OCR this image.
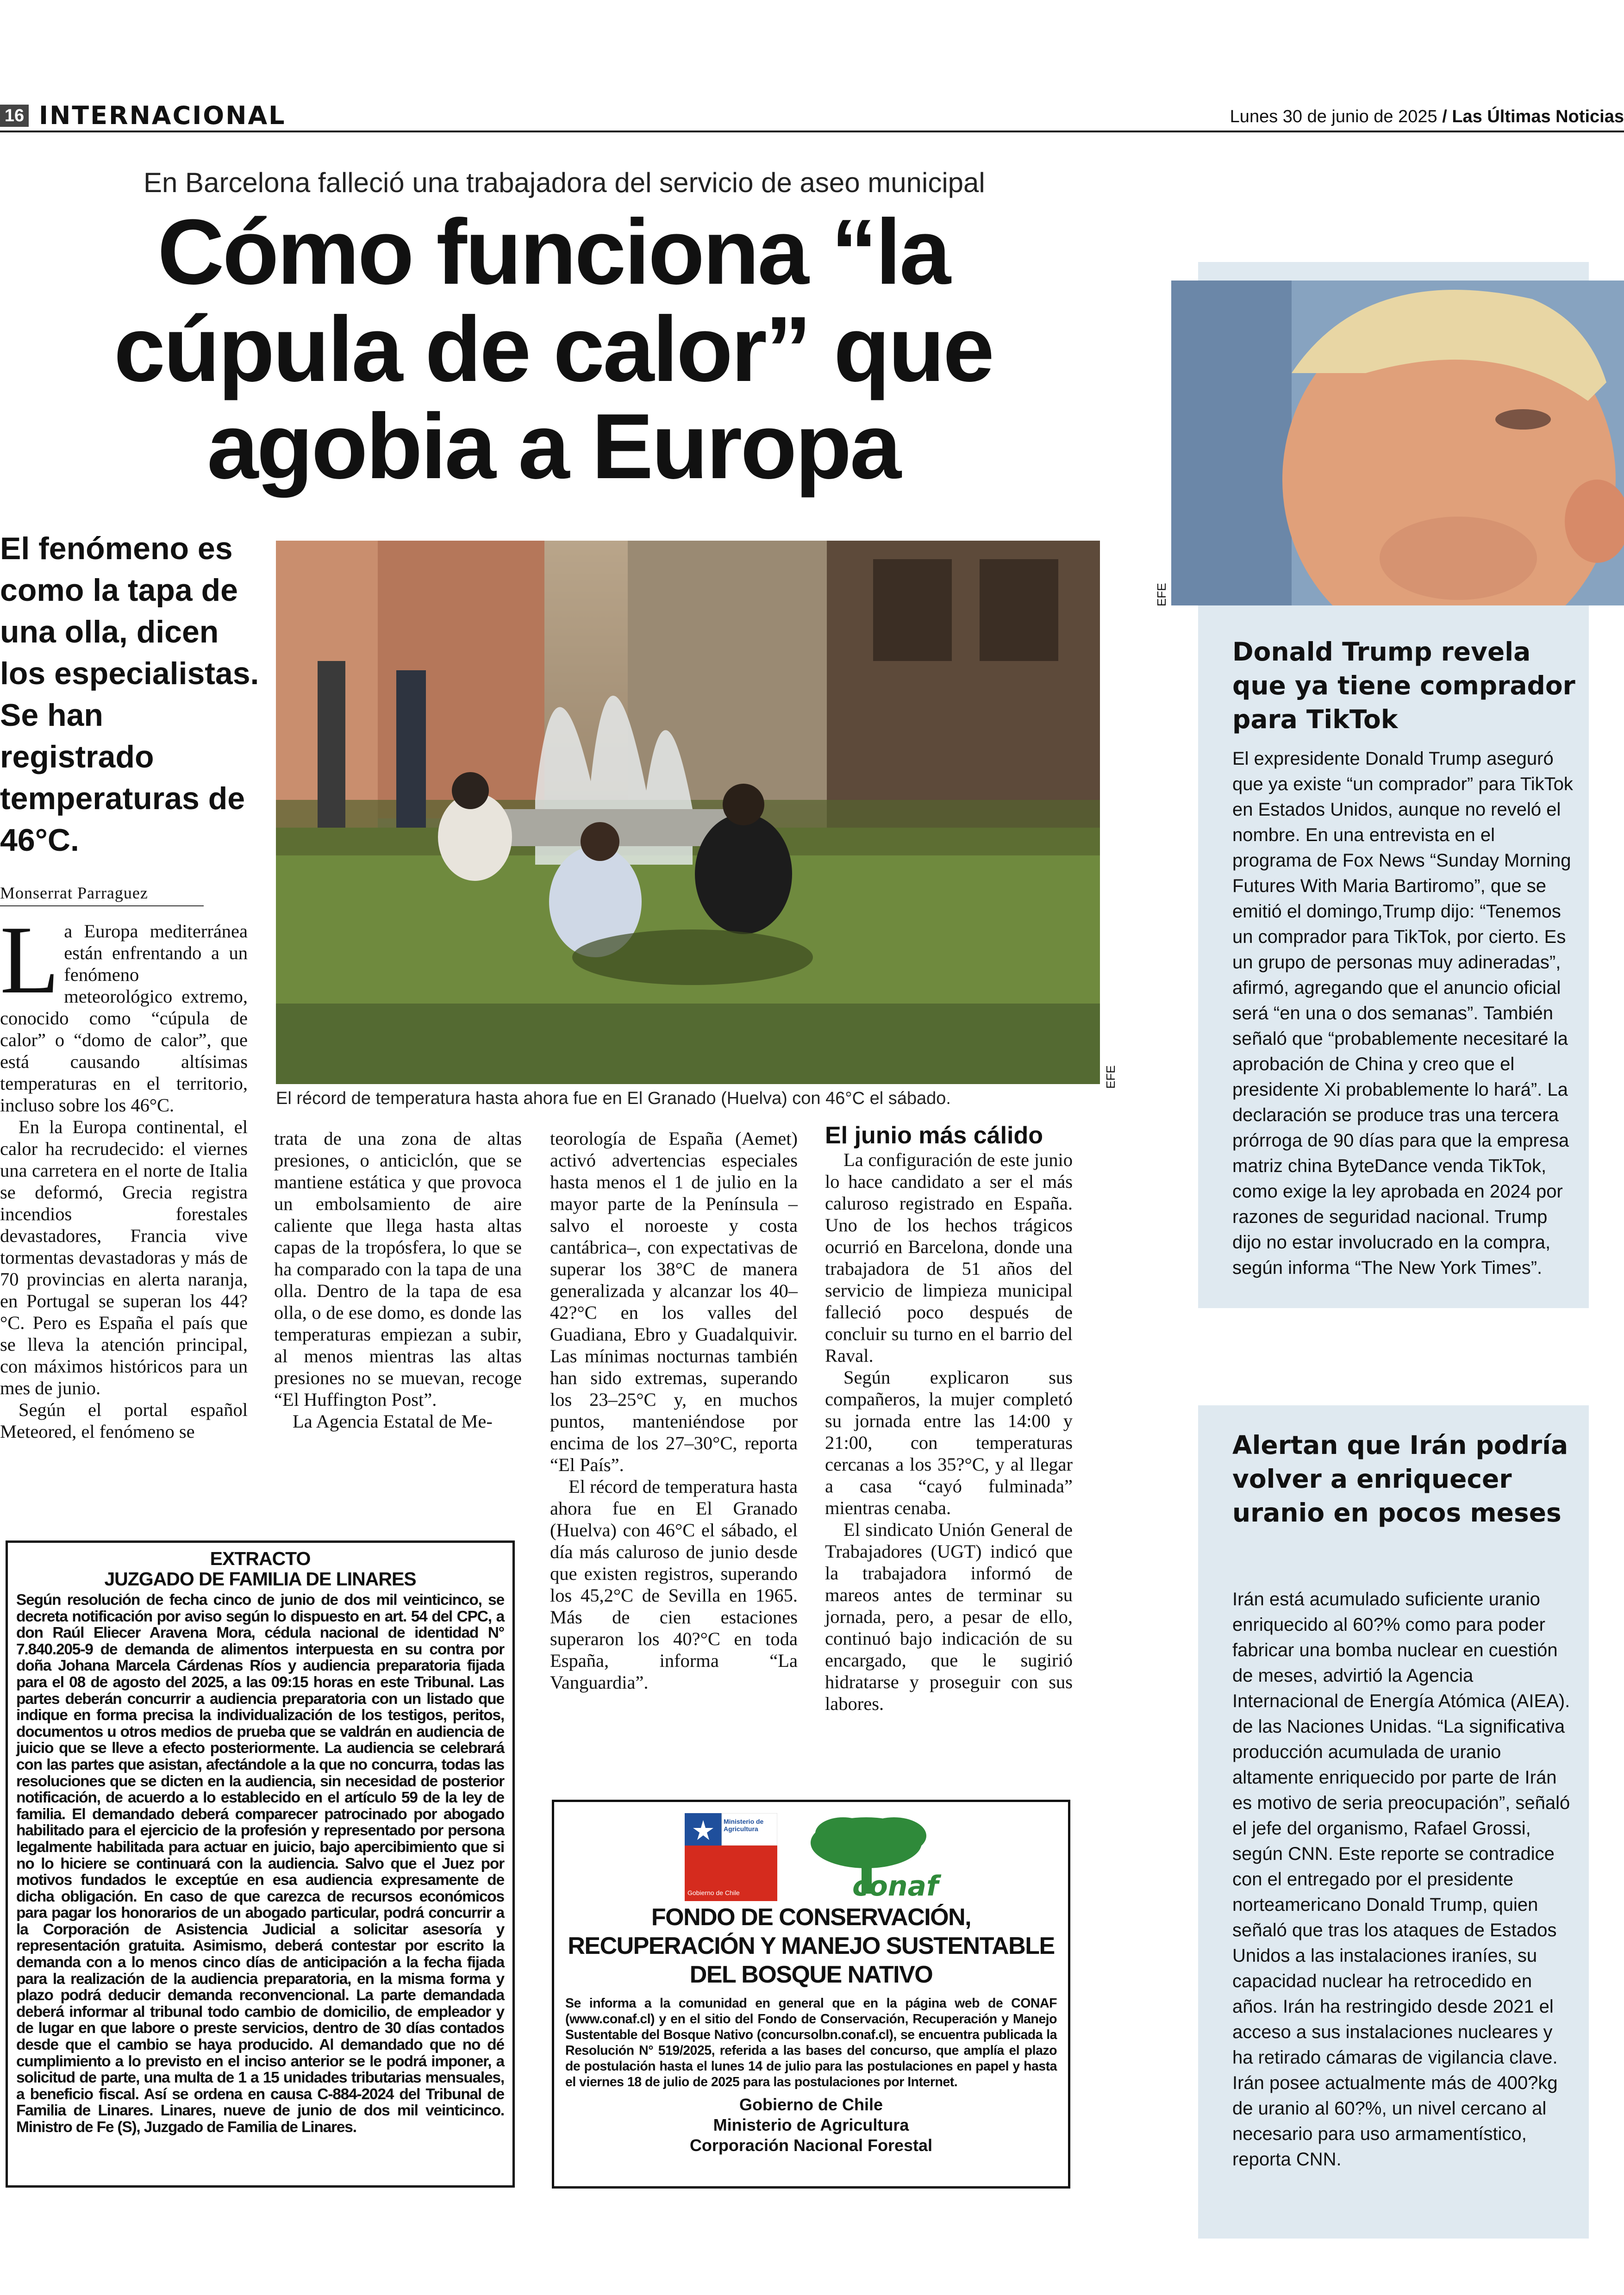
16 INTERNACIONAL	Lunes 30 de junio de 2025 / Las Últimas Noticias
En Barcelona falleció una trabajadora del servicio de aseo municipal
Cómo funciona “la cúpula de calor” que agobia a Europa

El fenómeno es como la tapa de una olla, dicen los especialistas. Se han registrado temperaturas de 46°C.

El récord de temperatura hasta ahora fue en El Granado (Huelva) con 46°C el sábado.
EFE
Monserrat Parraguez

La Europa mediterránea están enfrentando a un fenómeno meteorológico extremo, conocido como “cúpula de calor” o “domo de calor”, que está causando altísimas temperaturas en el territorio, incluso sobre los 46°C.

En la Europa continental, el calor ha recrudecido: el viernes una carretera en el norte de Italia se deformó, Grecia registra incendios forestales devastadores, Francia vive tormentas devastadoras y más de 70 provincias en alerta naranja, en Portugal se superan los 44?°C. Pero es España el país que se lleva la atención principal, con máximos históricos para un mes de junio.

Según el portal español Meteored, el fenómeno se

trata de una zona de altas presiones, o anticiclón, que se mantiene estática y que provoca un embolsamiento de aire caliente que llega hasta altas capas de la tropósfera, lo que se ha comparado con la tapa de una olla. Dentro de la tapa de esa olla, o de ese domo, es donde las temperaturas empiezan a subir, al menos mientras las altas presiones no se muevan, recoge “El Huffington Post”.

La Agencia Estatal de Me-

teorología de España (Aemet) activó advertencias especiales hasta menos el 1 de julio en la mayor parte de la Península –salvo el noroeste y costa cantábrica–, con expectativas de superar los 38°C de manera generalizada y alcanzar los 40–42?°C en los valles del Guadiana, Ebro y Guadalquivir. Las mínimas nocturnas también han sido extremas, superando los 23–25°C y, en muchos puntos, manteniéndose por encima de los 27–30°C, reporta “El País”.

El récord de temperatura hasta ahora fue en El Granado (Huelva) con 46°C el sábado, el día más caluroso de junio desde que existen registros, superando los 45,2°C de Sevilla en 1965. Más de cien estaciones superaron los 40?°C en toda España, informa “La Vanguardia”.

El junio más cálido

La configuración de este junio lo hace candidato a ser el más caluroso registrado en España. Uno de los hechos trágicos ocurrió en Barcelona, donde una trabajadora de 51 años del servicio de limpieza municipal falleció poco después de concluir su turno en el barrio del Raval.

Según explicaron sus compañeros, la mujer completó su jornada entre las 14:00 y 21:00, con temperaturas cercanas a los 35?°C, y al llegar a casa “cayó fulminada” mientras cenaba.

El sindicato Unión General de Trabajadores (UGT) indicó que la trabajadora informó de mareos antes de terminar su jornada, pero, a pesar de ello, continuó bajo indicación de su encargado, que le sugirió hidratarse y proseguir con sus labores.

EFE
Donald Trump revela que ya tiene comprador para TikTok
El expresidente Donald Trump aseguró que ya existe “un comprador” para TikTok en Estados Unidos, aunque no reveló el nombre. En una entrevista en el programa de Fox News “Sunday Morning Futures With Maria Bartiromo”, que se emitió el domingo,Trump dijo: “Tenemos un comprador para TikTok, por cierto. Es un grupo de personas muy adineradas”, afirmó, agregando que el anuncio oficial será “en una o dos semanas”. También señaló que “probablemente necesitaré la aprobación de China y creo que el presidente Xi probablemente lo hará”. La declaración se produce tras una tercera prórroga de 90 días para que la empresa matriz china ByteDance venda TikTok, como exige la ley aprobada en 2024 por razones de seguridad nacional. Trump dijo no estar involucrado en la compra, según informa “The New York Times”.
Alertan que Irán podría volver a enriquecer uranio en pocos meses
Irán está acumulado suficiente uranio enriquecido al 60?% como para poder fabricar una bomba nuclear en cuestión de meses, advirtió la Agencia Internacional de Energía Atómica (AIEA). de las Naciones Unidas. “La significativa producción acumulada de uranio altamente enriquecido por parte de Irán es motivo de seria preocupación”, señaló el jefe del organismo, Rafael Grossi, según CNN. Este reporte se contradice con el entregado por el presidente norteamericano Donald Trump, quien señaló que tras los ataques de Estados Unidos a las instalaciones iraníes, su capacidad nuclear ha retrocedido en años. Irán ha restringido desde 2021 el acceso a sus instalaciones nucleares y ha retirado cámaras de vigilancia clave. Irán posee actualmente más de 400?kg de uranio al 60?%, un nivel cercano al necesario para uso armamentístico, reporta CNN.
EXTRACTO
JUZGADO DE FAMILIA DE LINARES
Según resolución de fecha cinco de junio de dos mil veinticinco, se decreta notificación por aviso según lo dispuesto en art. 54 del CPC, a don Raúl Eliecer Aravena Mora, cédula nacional de identidad N° 7.840.205-9 de demanda de alimentos interpuesta en su contra por doña Johana Marcela Cárdenas Ríos y audiencia preparatoria fijada para el 08 de agosto del 2025, a las 09:15 horas en este Tribunal. Las partes deberán concurrir a audiencia preparatoria con un listado que indique en forma precisa la individualización de los testigos, peritos, documentos u otros medios de prueba que se valdrán en audiencia de juicio que se lleve a efecto posteriormente. La audiencia se celebrará con las partes que asistan, afectándole a la que no concurra, todas las resoluciones que se dicten en la audiencia, sin necesidad de posterior notificación, de acuerdo a lo establecido en el artículo 59 de la ley de familia. El demandado deberá comparecer patrocinado por abogado habilitado para el ejercicio de la profesión y representado por persona legalmente habilitada para actuar en juicio, bajo apercibimiento que si no lo hiciere se continuará con la audiencia. Salvo que el Juez por motivos fundados le exceptúe en esa audiencia expresamente de dicha obligación. En caso de que carezca de recursos económicos para pagar los honorarios de un abogado particular, podrá concurrir a la Corporación de Asistencia Judicial a solicitar asesoría y representación gratuita. Asimismo, deberá contestar por escrito la demanda con a lo menos cinco días de anticipación a la fecha fijada para la realización de la audiencia preparatoria, en la misma forma y plazo podrá deducir demanda reconvencional. La parte demandada deberá informar al tribunal todo cambio de domicilio, de empleador y de lugar en que labore o preste servicios, dentro de 30 días contados desde que el cambio se haya producido. Al demandado que no dé cumplimiento a lo previsto en el inciso anterior se le podrá imponer, a solicitud de parte, una multa de 1 a 15 unidades tributarias mensuales, a beneficio fiscal. Así se ordena en causa C-884-2024 del Tribunal de Familia de Linares. Linares, nueve de junio de dos mil veinticinco. Ministro de Fe (S), Juzgado de Familia de Linares.
Ministerio de Agricultura
Gobierno de Chile	conaf
FONDO DE CONSERVACIÓN, RECUPERACIÓN Y MANEJO SUSTENTABLE DEL BOSQUE NATIVO
Se informa a la comunidad en general que en la página web de CONAF (www.conaf.cl) y en el sitio del Fondo de Conservación, Recuperación y Manejo Sustentable del Bosque Nativo (concursolbn.conaf.cl), se encuentra publicada la Resolución N° 519/2025, referida a las bases del concurso, que amplía el plazo de postulación hasta el lunes 14 de julio para las postulaciones en papel y hasta el viernes 18 de julio de 2025 para las postulaciones por Internet.
Gobierno de Chile
Ministerio de Agricultura
Corporación Nacional Forestal
